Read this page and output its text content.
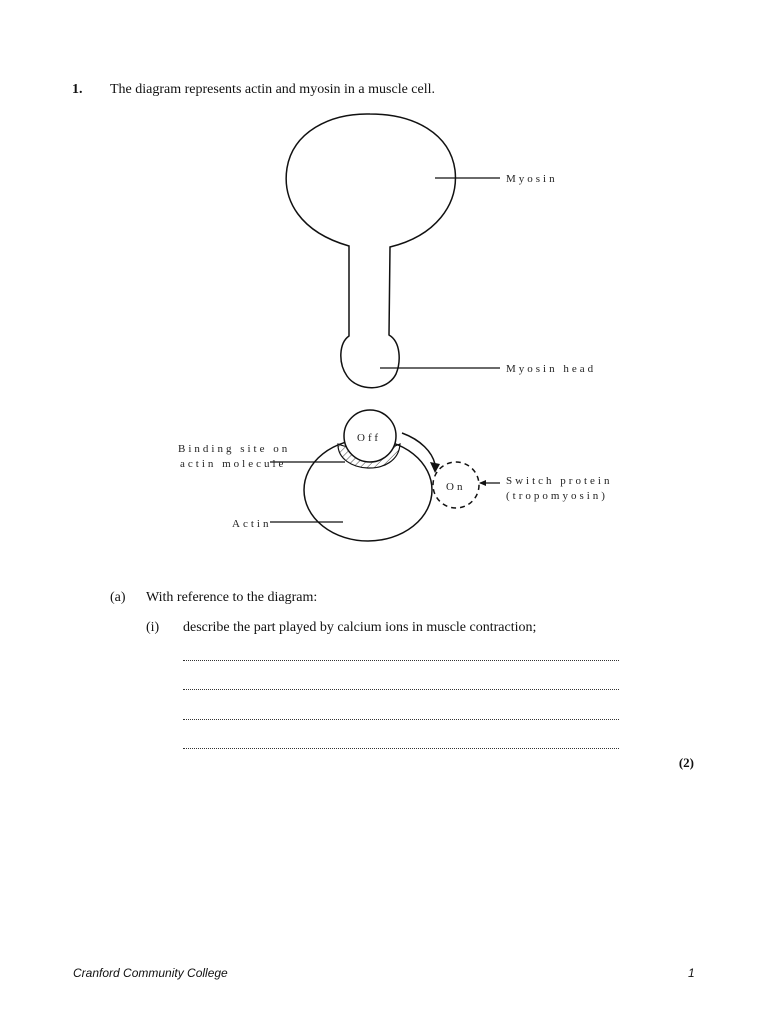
1. The diagram represents actin and myosin in a muscle cell.
Off
On
Myosin
Myosin head
Binding site on
actin molecule
Actin
Switch protein
(tropomyosin)
(a) With reference to the diagram:
(i) describe the part played by calcium ions in muscle contraction;
(2)
Cranford Community College	1
